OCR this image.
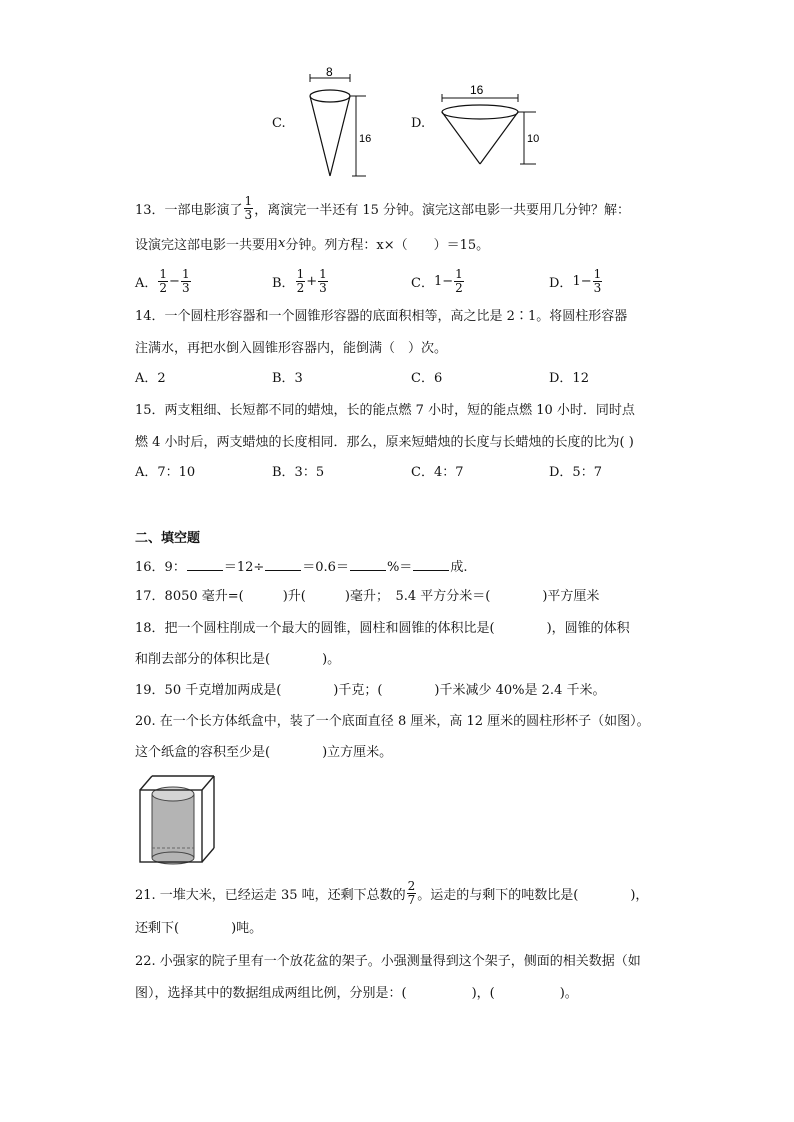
C.
8
16
D.
16
10
13．一部电影演了 $\frac{1}{3}$ ，离演完一半还有 15 分钟。演完这部电影一共要用几分钟？解：
设演完这部电影一共要用 x 分钟。列方程：x×（　　）＝15。
A． $\frac{1}{2} - \frac{1}{3}$	B． $\frac{1}{2} + \frac{1}{3}$	C． $1 - \frac{1}{2}$	D． $1 - \frac{1}{3}$
14．一个圆柱形容器和一个圆锥形容器的底面积相等，高之比是 2∶1。将圆柱形容器
注满水，再把水倒入圆锥形容器内，能倒满（　）次。
A．2	B．3	C．6	D．12
15．两支粗细、长短都不同的蜡烛，长的能点燃 7 小时，短的能点燃 10 小时．同时点
燃 4 小时后，两支蜡烛的长度相同．那么，原来短蜡烛的长度与长蜡烛的长度的比为( )
A．7：10	B．3：5	C．4：7	D．5：7
二、填空题
16．9：	＝12÷	＝0.6＝	%＝	成.
17．8050 毫升=(　　　)升(　　　)毫升；　5.4 平方分米＝(　　　　)平方厘米
18．把一个圆柱削成一个最大的圆锥，圆柱和圆锥的体积比是(　　　　)，圆锥的体积
和削去部分的体积比是(　　　　)。
19．50 千克增加两成是(　　　　)千克；(　　　　)千米减少 40%是 2.4 千米。
20. 在一个长方体纸盒中，装了一个底面直径 8 厘米，高 12 厘米的圆柱形杯子（如图）。
这个纸盒的容积至少是(　　　　)立方厘米。
21. 一堆大米，已经运走 35 吨，还剩下总数的 $\frac{2}{7}$ 。运走的与剩下的吨数比是(　　　　)，
还剩下(　　　　)吨。
22. 小强家的院子里有一个放花盆的架子。小强测量得到这个架子，侧面的相关数据（如
图），选择其中的数据组成两组比例，分别是：(　　　　　)，(　　　　　)。
